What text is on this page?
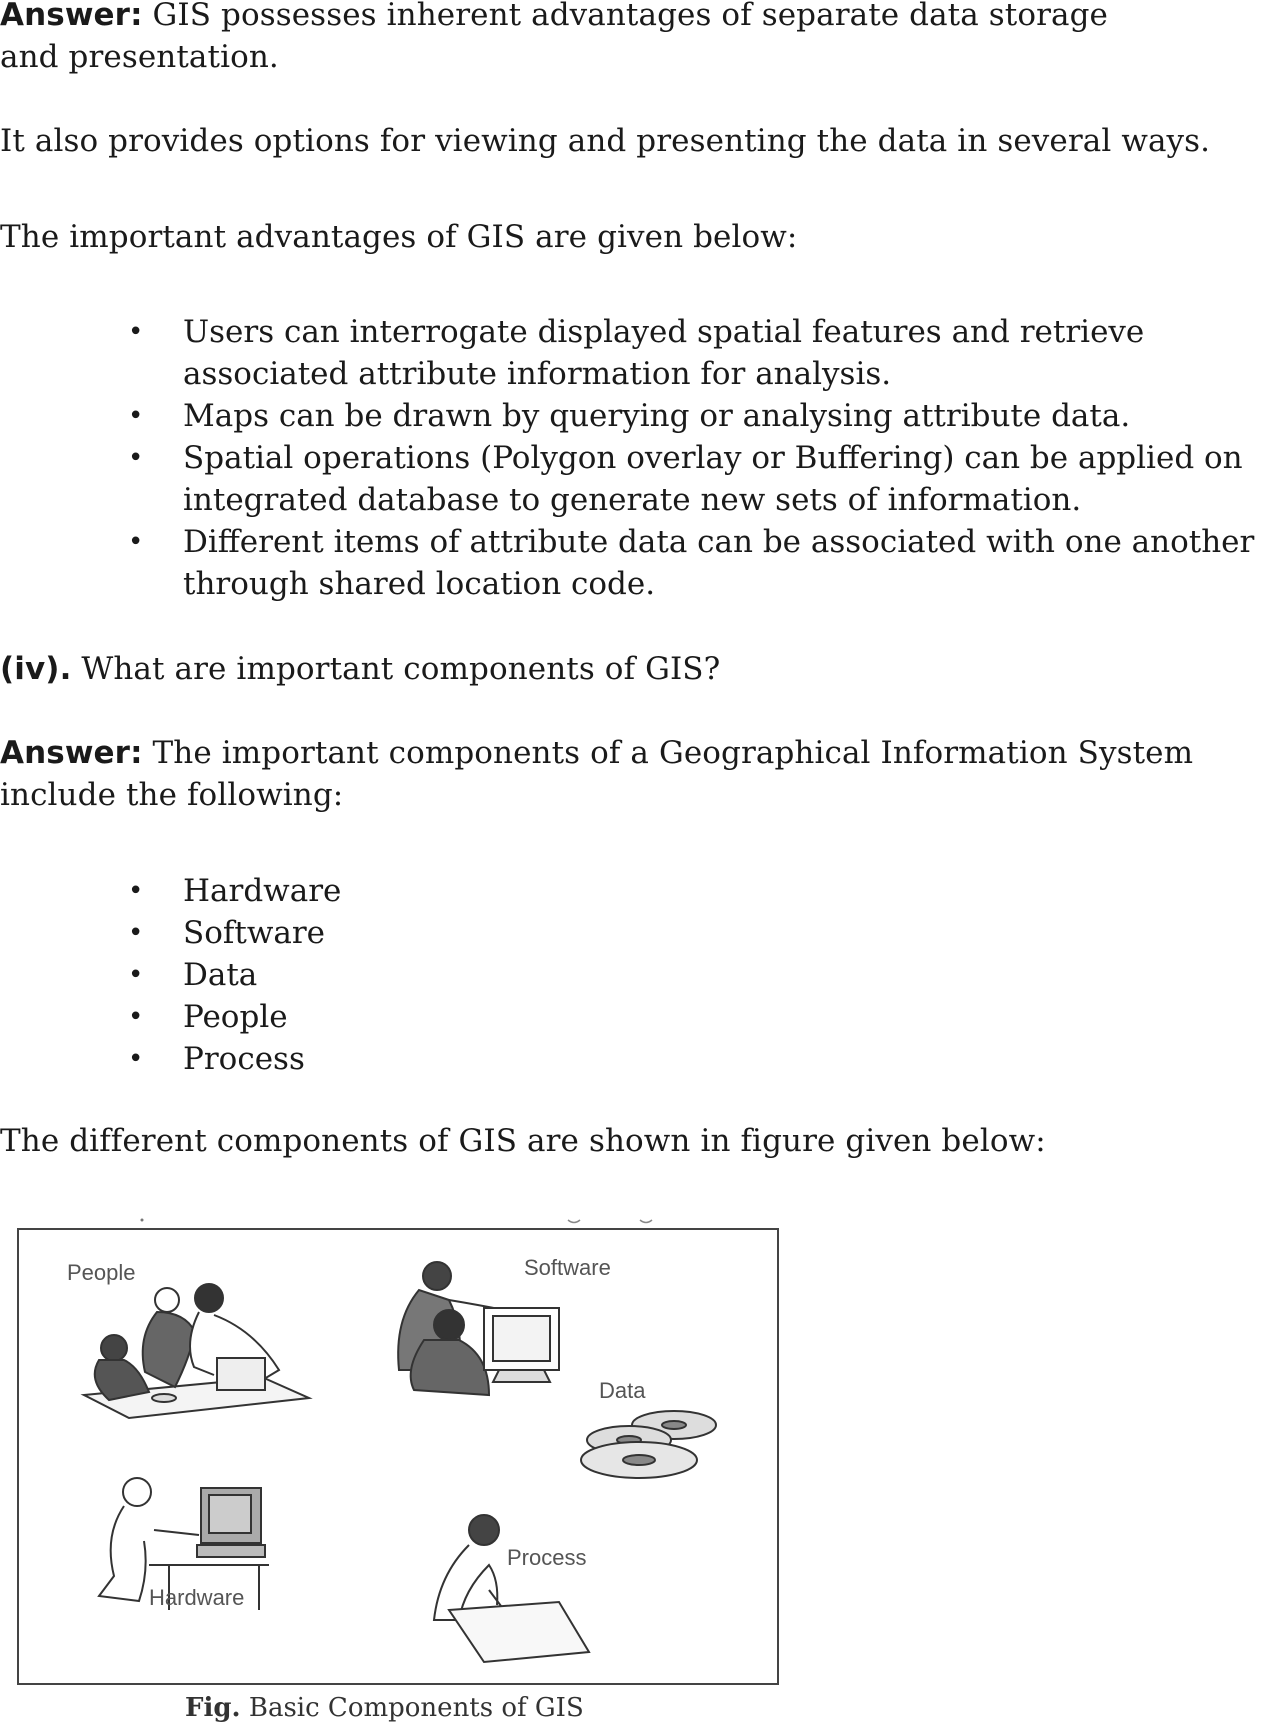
Answer: GIS possesses inherent advantages of separate data storage and presentation.

It also provides options for viewing and presenting the data in several ways.

The important advantages of GIS are given below:

• Users can interrogate displayed spatial features and retrieve associated attribute information for analysis.
• Maps can be drawn by querying or analysing attribute data.
• Spatial operations (Polygon overlay or Buffering) can be applied on integrated database to generate new sets of information.
• Different items of attribute data can be associated with one another through shared location code.

(iv). What are important components of GIS?

Answer: The important components of a Geographical Information System include the following:

• Hardware
• Software
• Data
• People
• Process

The different components of GIS are shown in figure given below:

People	Software
Data
Hardware
Process
Fig. Basic Components of GIS
